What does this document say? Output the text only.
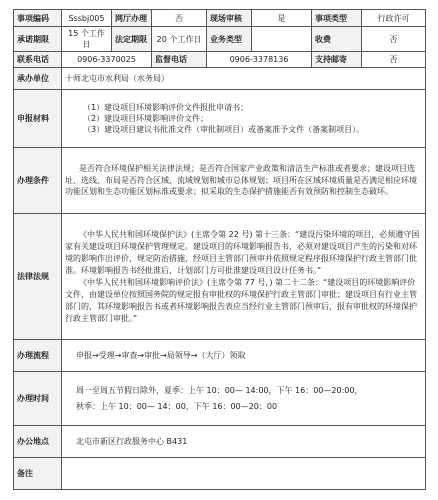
事项编码	Sssbj005	网厅办理	否	现场审核	是	事项类型	行政许可
承诺期限	15 个工作日	法定期限	20 个工作日	业务类型		收费	否
联系电话	0906-3370025		监督电话	0906-3378136		支持邮寄	否
承办单位	十师北屯市水利局（水务局）						
申报材料	（1）建设项目环境影响评价文件报批申请书；
（2）建设项目环境影响评价文件；
（3）建设项目建议书批准文件（审批制项目）或备案准予文件（备案制项目）。						

办理条件	是否符合环境保护相关法律法规；是否符合国家产业政策和清洁生产标准或者要求；建设项目选址、选线、布局是否符合区域、流域规划和城市总体规划；项目所在区域环境质量是否满足相应环境功能区划和生态功能区划标准或要求；拟采取的生态保护措施能否有效预防和控制生态破坏。						
法律法规	《中华人民共和国环境保护法》(主席令第 22 号) 第十三条：“建设污染环境的项目，必须遵守国家有关建设项目环境保护管理规定。建设项目的环境影响报告书，必须对建设项目产生的污染和对环境的影响作出评价，规定防治措施，经项目主管部门预审并依照规定程序报环境保护行政主管部门批准。环境影响报告书经批准后，计划部门方可批准建设项目设计任务书。”
《中华人民共和国环境影响评价法》(主席令第 77 号，) 第二十二条：“建设项目的环境影响评价文件，由建设单位按照国务院的规定报有审批权的环境保护行政主管部门审批；建设项目有行业主管部门的，其环境影响报告书或者环境影响报告表应当经行业主管部门预审后，报有审批权的环境保护行政主管部门审批。”						

办理流程	申报→受理→审查→审批→局领导→（大厅）领取						
办理时间	周一至周五节假日除外，夏季：上午 10：00— 14:00，下午 16：00—20:00，
秋季：上午 10：00— 14：00，下午 16：00—20：00						

办公地点	北屯市新区行政服务中心 B431						
备注							
